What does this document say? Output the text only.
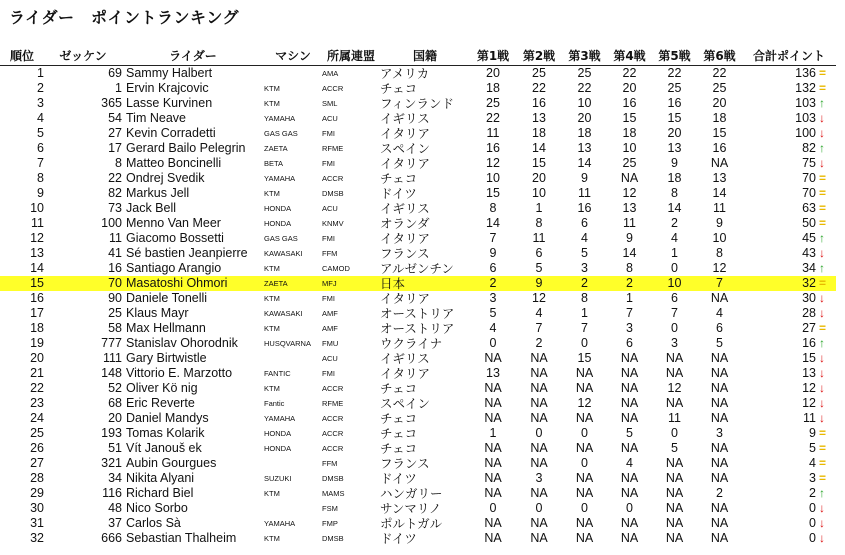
ライダー　ポイントランキング
順位	ゼッケン	ライダー	マシン	所属連盟	国籍	第1戦	第2戦	第3戦	第4戦	第5戦	第6戦	合計ポイント	
1	69	Sammy Halbert		AMA	アメリカ	20	25	25	22	22	22	136	=
2	1	Ervin Krajcovic	KTM	ACCR	チェコ	18	22	22	20	25	25	132	=
3	365	Lasse Kurvinen	KTM	SML	フィンランド	25	16	10	16	16	20	103	↑
4	54	Tim Neave	YAMAHA	ACU	イギリス	22	13	20	15	15	18	103	↓
5	27	Kevin Corradetti	GAS GAS	FMI	イタリア	11	18	18	18	20	15	100	↓
6	17	Gerard Bailo Pelegrin	ZAETA	RFME	スペイン	16	14	13	10	13	16	82	↑
7	8	Matteo Boncinelli	BETA	FMI	イタリア	12	15	14	25	9	NA	75	↓
8	22	Ondrej Svedik	YAMAHA	ACCR	チェコ	10	20	9	NA	18	13	70	=
9	82	Markus Jell	KTM	DMSB	ドイツ	15	10	11	12	8	14	70	=
10	73	Jack Bell	HONDA	ACU	イギリス	8	1	16	13	14	11	63	=
11	100	Menno Van Meer	HONDA	KNMV	オランダ	14	8	6	11	2	9	50	=
12	11	Giacomo Bossetti	GAS GAS	FMI	イタリア	7	11	4	9	4	10	45	↑
13	41	Sé bastien Jeanpierre	KAWASAKI	FFM	フランス	9	6	5	14	1	8	43	↓
14	16	Santiago Arangio	KTM	CAMOD	アルゼンチン	6	5	3	8	0	12	34	↑
15	70	Masatoshi Ohmori	ZAETA	MFJ	日本	2	9	2	2	10	7	32	=
16	90	Daniele Tonelli	KTM	FMI	イタリア	3	12	8	1	6	NA	30	↓
17	25	Klaus Mayr	KAWASAKI	AMF	オーストリア	5	4	1	7	7	4	28	↓
18	58	Max Hellmann	KTM	AMF	オーストリア	4	7	7	3	0	6	27	=
19	777	Stanislav Ohorodnik	HUSQVARNA	FMU	ウクライナ	0	2	0	6	3	5	16	↑
20	111	Gary Birtwistle		ACU	イギリス	NA	NA	15	NA	NA	NA	15	↓
21	148	Vittorio E. Marzotto	FANTIC	FMI	イタリア	13	NA	NA	NA	NA	NA	13	↓
22	52	Oliver Kö nig	KTM	ACCR	チェコ	NA	NA	NA	NA	12	NA	12	↓
23	68	Eric Reverte	Fantic	RFME	スペイン	NA	NA	12	NA	NA	NA	12	↓
24	20	Daniel Mandys	YAMAHA	ACCR	チェコ	NA	NA	NA	NA	11	NA	11	↓
25	193	Tomas Kolarik	HONDA	ACCR	チェコ	1	0	0	5	0	3	9	=
26	51	Vít Janouš ek	HONDA	ACCR	チェコ	NA	NA	NA	NA	5	NA	5	=
27	321	Aubin Gourgues		FFM	フランス	NA	NA	0	4	NA	NA	4	=
28	34	Nikita Alyani	SUZUKI	DMSB	ドイツ	NA	3	NA	NA	NA	NA	3	=
29	116	Richard Biel	KTM	MAMS	ハンガリー	NA	NA	NA	NA	NA	2	2	↑
30	48	Nico Sorbo		FSM	サンマリノ	0	0	0	0	NA	NA	0	↓
31	37	Carlos Sà	YAMAHA	FMP	ポルトガル	NA	NA	NA	NA	NA	NA	0	↓
32	666	Sebastian Thalheim	KTM	DMSB	ドイツ	NA	NA	NA	NA	NA	NA	0	↓
